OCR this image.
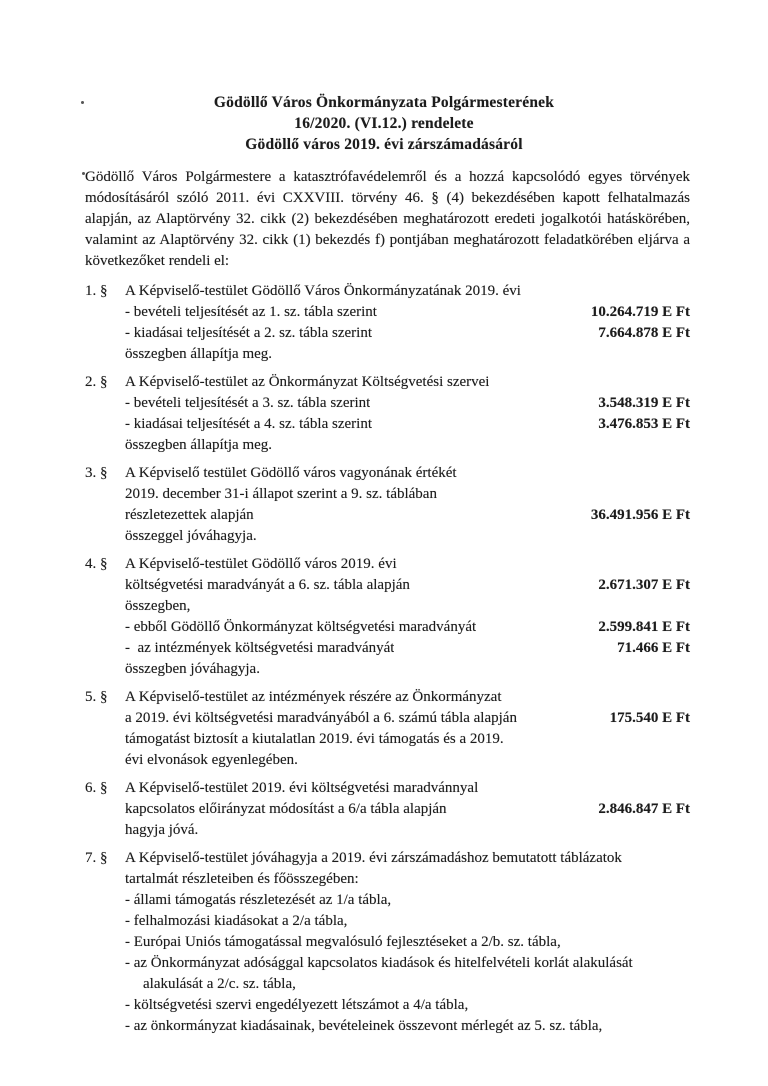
Gödöllő Város Önkormányzata Polgármesterének
16/2020. (VI.12.) rendelete
Gödöllő város 2019. évi zárszámadásáról

Gödöllő Város Polgármestere a katasztrófavédelemről és a hozzá kapcsolódó egyes törvények módosításáról szóló 2011. évi CXXVIII. törvény 46. § (4) bekezdésében kapott felhatalmazás alapján, az Alaptörvény 32. cikk (2) bekezdésében meghatározott eredeti jogalkotói hatáskörében, valamint az Alaptörvény 32. cikk (1) bekezdés f) pontjában meghatározott feladatkörében eljárva a következőket rendeli el:

1. §	A Képviselő-testület Gödöllő Város Önkormányzatának 2019. évi
- bevételi teljesítését az 1. sz. tábla szerint	10.264.719 E Ft
- kiadásai teljesítését a 2. sz. tábla szerint	7.664.878 E Ft
összegben állapítja meg.
2. §	A Képviselő-testület az Önkormányzat Költségvetési szervei
- bevételi teljesítését a 3. sz. tábla szerint	3.548.319 E Ft
- kiadásai teljesítését a 4. sz. tábla szerint	3.476.853 E Ft
összegben állapítja meg.
3. §	A Képviselő testület Gödöllő város vagyonának értékét
2019. december 31-i állapot szerint a 9. sz. táblában
részletezettek alapján	36.491.956 E Ft
összeggel jóváhagyja.
4. §	A Képviselő-testület Gödöllő város 2019. évi
költségvetési maradványát a 6. sz. tábla alapján	2.671.307 E Ft
összegben,
- ebből Gödöllő Önkormányzat költségvetési maradványát	2.599.841 E Ft
-  az intézmények költségvetési maradványát	71.466 E Ft
összegben jóváhagyja.
5. §	A Képviselő-testület az intézmények részére az Önkormányzat
a 2019. évi költségvetési maradványából a 6. számú tábla alapján	175.540 E Ft
támogatást biztosít a kiutalatlan 2019. évi támogatás és a 2019.
évi elvonások egyenlegében.
6. §	A Képviselő-testület 2019. évi költségvetési maradvánnyal
kapcsolatos előirányzat módosítást a 6/a tábla alapján	2.846.847 E Ft
hagyja jóvá.
7. §	A Képviselő-testület jóváhagyja a 2019. évi zárszámadáshoz bemutatott táblázatok
tartalmát részleteiben és főösszegében:
- állami támogatás részletezését az 1/a tábla,
- felhalmozási kiadásokat a 2/a tábla,
- Európai Uniós támogatással megvalósuló fejlesztéseket a 2/b. sz. tábla,
- az Önkormányzat adósággal kapcsolatos kiadások és hitelfelvételi korlát alakulását
alakulását a 2/c. sz. tábla,
- költségvetési szervi engedélyezett létszámot a 4/a tábla,
- az önkormányzat kiadásainak, bevételeinek összevont mérlegét az 5. sz. tábla,
